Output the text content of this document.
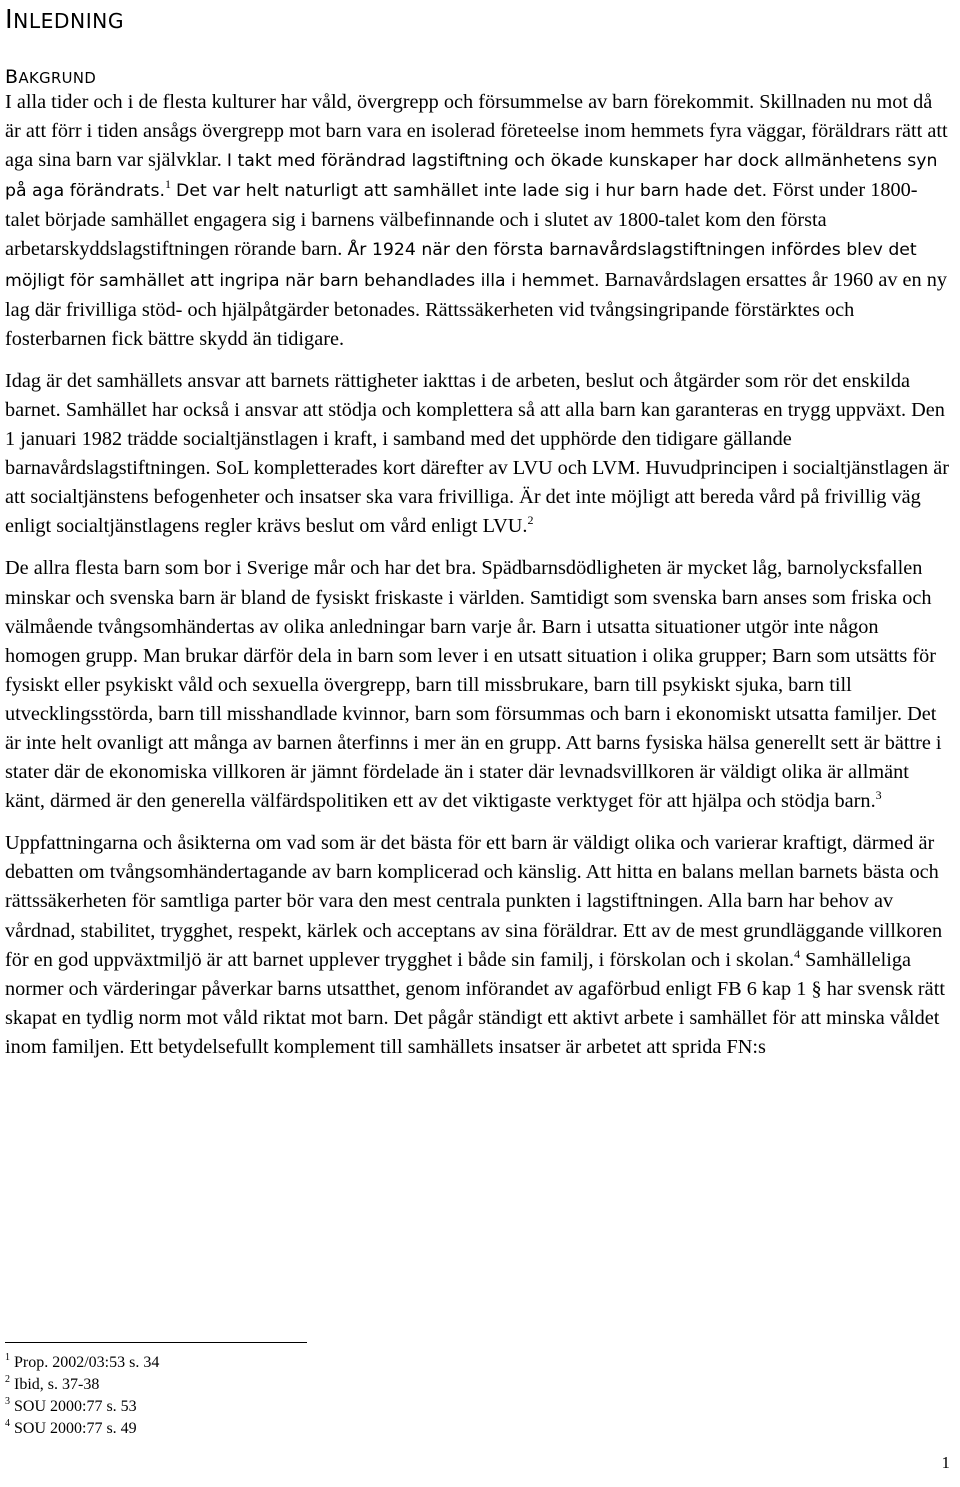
INLEDNING
BAKGRUND

I alla tider och i de flesta kulturer har våld, övergrepp och försummelse av barn förekommit. Skillnaden nu mot då är att förr i tiden ansågs övergrepp mot barn vara en isolerad företeelse inom hemmets fyra väggar, föräldrars rätt att aga sina barn var självklar. I takt med förändrad lagstiftning och ökade kunskaper har dock allmänhetens syn på aga förändrats.$^1$ Det var helt naturligt att samhället inte lade sig i hur barn hade det. Först under 1800-talet började samhället engagera sig i barnens välbefinnande och i slutet av 1800-talet kom den första arbetarskyddslagstiftningen rörande barn. År 1924 när den första barnavårdslagstiftningen infördes blev det möjligt för samhället att ingripa när barn behandlades illa i hemmet. Barnavårdslagen ersattes år 1960 av en ny lag där frivilliga stöd- och hjälpåtgärder betonades. Rättssäkerheten vid tvångsingripande förstärktes och fosterbarnen fick bättre skydd än tidigare.

Idag är det samhällets ansvar att barnets rättigheter iakttas i de arbeten, beslut och åtgärder som rör det enskilda barnet. Samhället har också i ansvar att stödja och komplettera så att alla barn kan garanteras en trygg uppväxt. Den 1 januari 1982 trädde socialtjänstlagen i kraft, i samband med det upphörde den tidigare gällande barnavårdslagstiftningen. SoL kompletterades kort därefter av LVU och LVM. Huvudprincipen i socialtjänstlagen är att socialtjänstens befogenheter och insatser ska vara frivilliga. Är det inte möjligt att bereda vård på frivillig väg enligt socialtjänstlagens regler krävs beslut om vård enligt LVU.$^2$

De allra flesta barn som bor i Sverige mår och har det bra. Spädbarnsdödligheten är mycket låg, barnolycksfallen minskar och svenska barn är bland de fysiskt friskaste i världen. Samtidigt som svenska barn anses som friska och välmående tvångsomhändertas av olika anledningar barn varje år. Barn i utsatta situationer utgör inte någon homogen grupp. Man brukar därför dela in barn som lever i en utsatt situation i olika grupper; Barn som utsätts för fysiskt eller psykiskt våld och sexuella övergrepp, barn till missbrukare, barn till psykiskt sjuka, barn till utvecklingsstörda, barn till misshandlade kvinnor, barn som försummas och barn i ekonomiskt utsatta familjer. Det är inte helt ovanligt att många av barnen återfinns i mer än en grupp. Att barns fysiska hälsa generellt sett är bättre i stater där de ekonomiska villkoren är jämnt fördelade än i stater där levnadsvillkoren är väldigt olika är allmänt känt, därmed är den generella välfärdspolitiken ett av det viktigaste verktyget för att hjälpa och stödja barn.$^3$

Uppfattningarna och åsikterna om vad som är det bästa för ett barn är väldigt olika och varierar kraftigt, därmed är debatten om tvångsomhändertagande av barn komplicerad och känslig. Att hitta en balans mellan barnets bästa och rättssäkerheten för samtliga parter bör vara den mest centrala punkten i lagstiftningen. Alla barn har behov av vårdnad, stabilitet, trygghet, respekt, kärlek och acceptans av sina föräldrar. Ett av de mest grundläggande villkoren för en god uppväxtmiljö är att barnet upplever trygghet i både sin familj, i förskolan och i skolan.$^4$ Samhälleliga normer och värderingar påverkar barns utsatthet, genom införandet av agaförbud enligt FB 6 kap 1 § har svensk rätt skapat en tydlig norm mot våld riktat mot barn. Det pågår ständigt ett aktivt arbete i samhället för att minska våldet inom familjen. Ett betydelsefullt komplement till samhällets insatser är arbetet att sprida FN:s

$^1$ Prop. 2002/03:53 s. 34
$^2$ Ibid, s. 37-38
$^3$ SOU 2000:77 s. 53
$^4$ SOU 2000:77 s. 49
1
